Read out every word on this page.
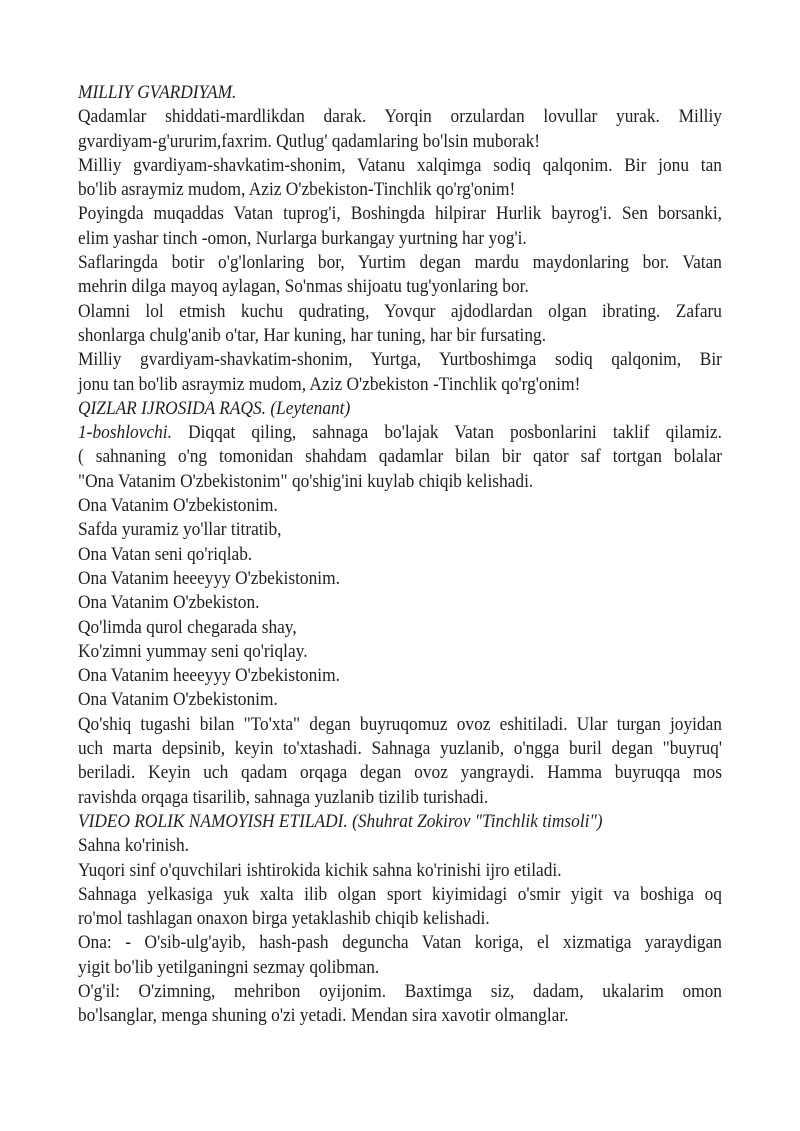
MILLIY GVARDIYAM.
Qadamlar shiddati-mardlikdan darak. Yorqin orzulardan lovullar yurak. Milliy
gvardiyam-g'ururim,faxrim. Qutlug' qadamlaring bo'lsin muborak!
Milliy gvardiyam-shavkatim-shonim, Vatanu xalqimga sodiq qalqonim. Bir jonu tan
bo'lib asraymiz mudom, Aziz O'zbekiston-Tinchlik qo'rg'onim!
Poyingda muqaddas Vatan tuprog'i, Boshingda hilpirar Hurlik bayrog'i. Sen borsanki,
elim yashar tinch -omon, Nurlarga burkangay yurtning har yog'i.
Saflaringda botir o'g'lonlaring bor, Yurtim degan mardu maydonlaring bor. Vatan
mehrin dilga mayoq aylagan, So'nmas shijoatu tug'yonlaring bor.
Olamni lol etmish kuchu qudrating, Yovqur ajdodlardan olgan ibrating. Zafaru
shonlarga chulg'anib o'tar, Har kuning, har tuning, har bir fursating.
Milliy gvardiyam-shavkatim-shonim, Yurtga, Yurtboshimga sodiq qalqonim, Bir
jonu tan bo'lib asraymiz mudom, Aziz O'zbekiston -Tinchlik qo'rg'onim!
QIZLAR IJROSIDA RAQS. (Leytenant)
1-boshlovchi. Diqqat qiling, sahnaga bo'lajak Vatan posbonlarini taklif qilamiz.
( sahnaning o'ng tomonidan shahdam qadamlar bilan bir qator saf tortgan bolalar
"Ona Vatanim O'zbekistonim" qo'shig'ini kuylab chiqib kelishadi.
Ona Vatanim O'zbekistonim.
Safda yuramiz yo'llar titratib,
Ona Vatan seni qo'riqlab.
Ona Vatanim heeeyyy O'zbekistonim.
Ona Vatanim O'zbekiston.
Qo'limda qurol chegarada shay,
Ko'zimni yummay seni qo'riqlay.
Ona Vatanim heeeyyy O'zbekistonim.
Ona Vatanim O'zbekistonim.
Qo'shiq tugashi bilan "To'xta" degan buyruqomuz ovoz eshitiladi. Ular turgan joyidan
uch marta depsinib, keyin to'xtashadi. Sahnaga yuzlanib, o'ngga buril degan "buyruq'
beriladi. Keyin uch qadam orqaga degan ovoz yangraydi. Hamma buyruqqa mos
ravishda orqaga tisarilib, sahnaga yuzlanib tizilib turishadi.
VIDEO ROLIK NAMOYISH ETILADI. (Shuhrat Zokirov "Tinchlik timsoli")
Sahna ko'rinish.
Yuqori sinf o'quvchilari ishtirokida kichik sahna ko'rinishi ijro etiladi.
Sahnaga yelkasiga yuk xalta ilib olgan sport kiyimidagi o'smir yigit va boshiga oq
ro'mol tashlagan onaxon birga yetaklashib chiqib kelishadi.
Ona: - O'sib-ulg'ayib, hash-pash deguncha Vatan koriga, el xizmatiga yaraydigan
yigit bo'lib yetilganingni sezmay qolibman.
O'g'il: O'zimning, mehribon oyijonim. Baxtimga siz, dadam, ukalarim omon
bo'lsanglar, menga shuning o'zi yetadi. Mendan sira xavotir olmanglar.
